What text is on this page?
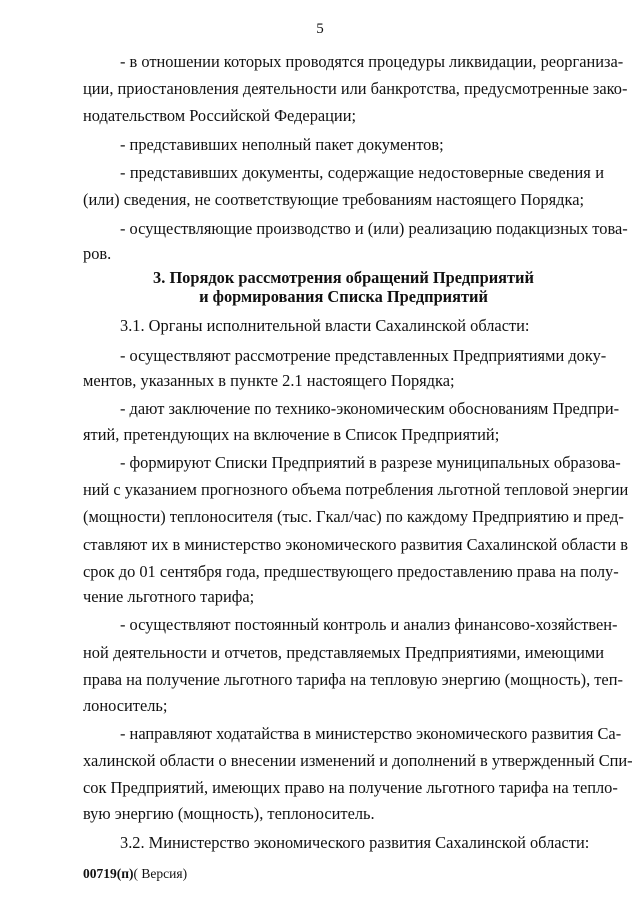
5
- в отношении которых проводятся процедуры ликвидации, реорганиза-
ции, приостановления деятельности или банкротства, предусмотренные зако-
нодательством Российской Федерации;
- представивших неполный пакет документов;
- представивших документы, содержащие недостоверные сведения и
(или) сведения, не соответствующие требованиям настоящего Порядка;
- осуществляющие производство и (или) реализацию подакцизных това-
ров.
3. Порядок рассмотрения обращений Предприятий
и формирования Списка Предприятий
3.1. Органы исполнительной власти Сахалинской области:
- осуществляют рассмотрение представленных Предприятиями доку-
ментов, указанных в пункте 2.1 настоящего Порядка;
- дают заключение по технико-экономическим обоснованиям Предпри-
ятий, претендующих на включение в Список Предприятий;
- формируют Списки Предприятий в разрезе муниципальных образова-
ний с указанием прогнозного объема потребления льготной тепловой энергии
(мощности) теплоносителя (тыс. Гкал/час) по каждому Предприятию и пред-
ставляют их в министерство экономического развития Сахалинской области в
срок до 01 сентября года, предшествующего предоставлению права на полу-
чение льготного тарифа;
- осуществляют постоянный контроль и анализ финансово-хозяйствен-
ной деятельности и отчетов, представляемых Предприятиями, имеющими
права на получение льготного тарифа на тепловую энергию (мощность), теп-
лоноситель;
- направляют ходатайства в министерство экономического развития Са-
халинской области о внесении изменений и дополнений в утвержденный Спи-
сок Предприятий, имеющих право на получение льготного тарифа на тепло-
вую энергию (мощность), теплоноситель.
3.2. Министерство экономического развития Сахалинской области:
00719(п)( Версия)
